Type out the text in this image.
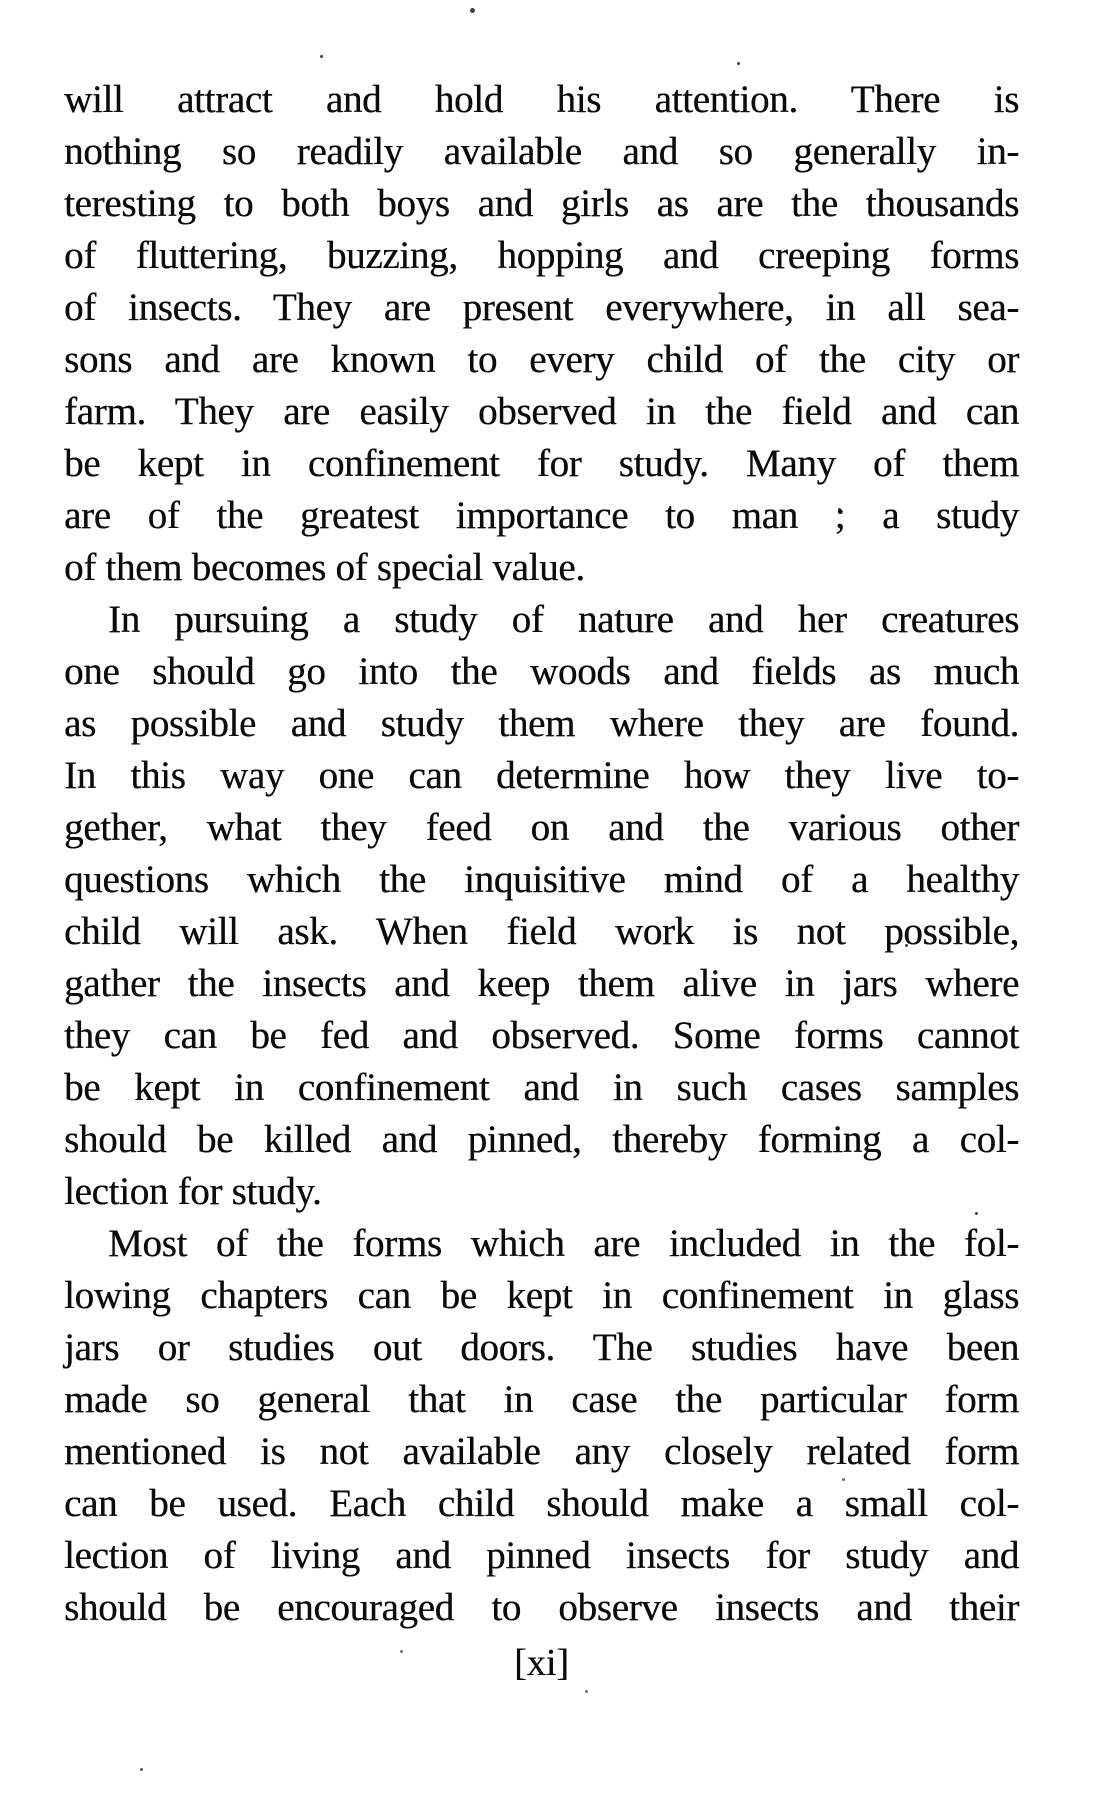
will attract and hold his attention. There is
nothing so readily available and so generally in-
teresting to both boys and girls as are the thousands
of fluttering, buzzing, hopping and creeping forms
of insects. They are present everywhere, in all sea-
sons and are known to every child of the city or
farm. They are easily observed in the field and can
be kept in confinement for study. Many of them
are of the greatest importance to man ; a study
of them becomes of special value.
In pursuing a study of nature and her creatures
one should go into the woods and fields as much
as possible and study them where they are found.
In this way one can determine how they live to-
gether, what they feed on and the various other
questions which the inquisitive mind of a healthy
child will ask. When field work is not possible,
gather the insects and keep them alive in jars where
they can be fed and observed. Some forms cannot
be kept in confinement and in such cases samples
should be killed and pinned, thereby forming a col-
lection for study.
Most of the forms which are included in the fol-
lowing chapters can be kept in confinement in glass
jars or studies out doors. The studies have been
made so general that in case the particular form
mentioned is not available any closely related form
can be used. Each child should make a small col-
lection of living and pinned insects for study and
should be encouraged to observe insects and their
[xi]
